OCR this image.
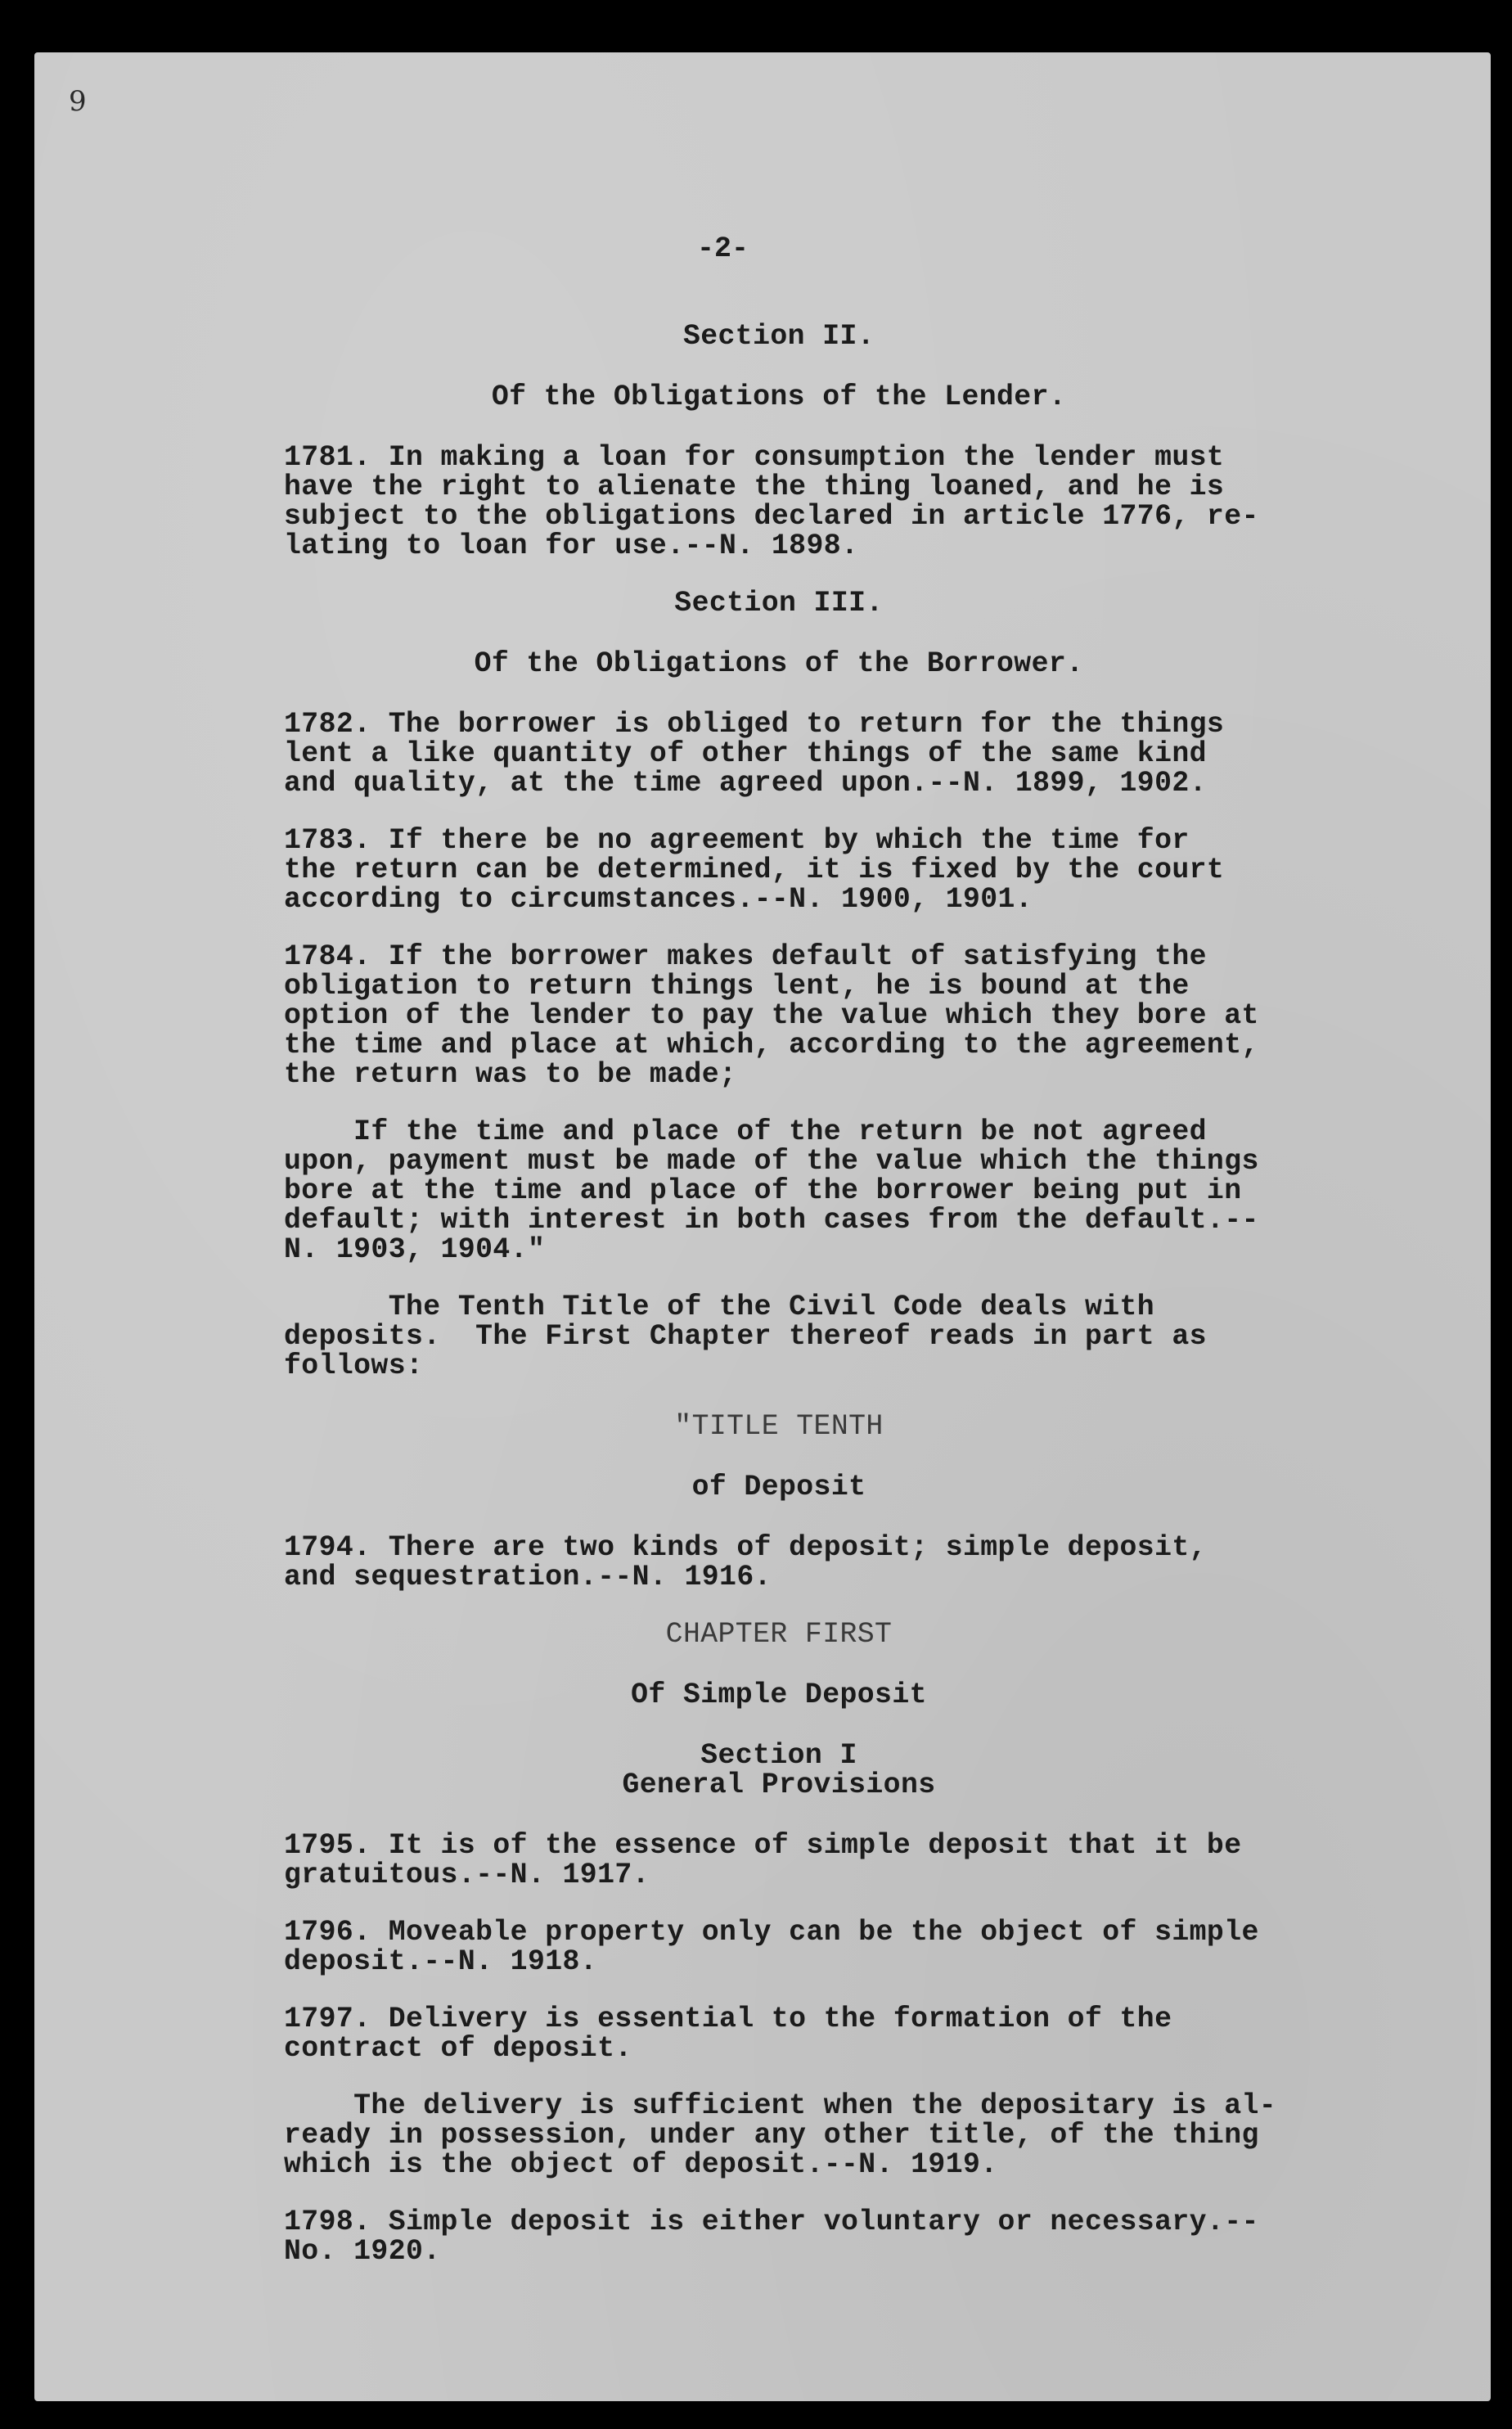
9
-2-
Section II.
Of the Obligations of the Lender.
1781. In making a loan for consumption the lender must
have the right to alienate the thing loaned, and he is
subject to the obligations declared in article 1776, re-
lating to loan for use.--N. 1898.
Section III.
Of the Obligations of the Borrower.
1782. The borrower is obliged to return for the things
lent a like quantity of other things of the same kind
and quality, at the time agreed upon.--N. 1899, 1902.
1783. If there be no agreement by which the time for
the return can be determined, it is fixed by the court
according to circumstances.--N. 1900, 1901.
1784. If the borrower makes default of satisfying the
obligation to return things lent, he is bound at the
option of the lender to pay the value which they bore at
the time and place at which, according to the agreement,
the return was to be made;
If the time and place of the return be not agreed
upon, payment must be made of the value which the things
bore at the time and place of the borrower being put in
default; with interest in both cases from the default.--
N. 1903, 1904."
The Tenth Title of the Civil Code deals with
deposits.  The First Chapter thereof reads in part as
follows:
"TITLE TENTH
of Deposit
1794. There are two kinds of deposit; simple deposit,
and sequestration.--N. 1916.
CHAPTER FIRST
Of Simple Deposit
Section I
General Provisions
1795. It is of the essence of simple deposit that it be
gratuitous.--N. 1917.
1796. Moveable property only can be the object of simple
deposit.--N. 1918.
1797. Delivery is essential to the formation of the
contract of deposit.
The delivery is sufficient when the depositary is al-
ready in possession, under any other title, of the thing
which is the object of deposit.--N. 1919.
1798. Simple deposit is either voluntary or necessary.--
No. 1920.
